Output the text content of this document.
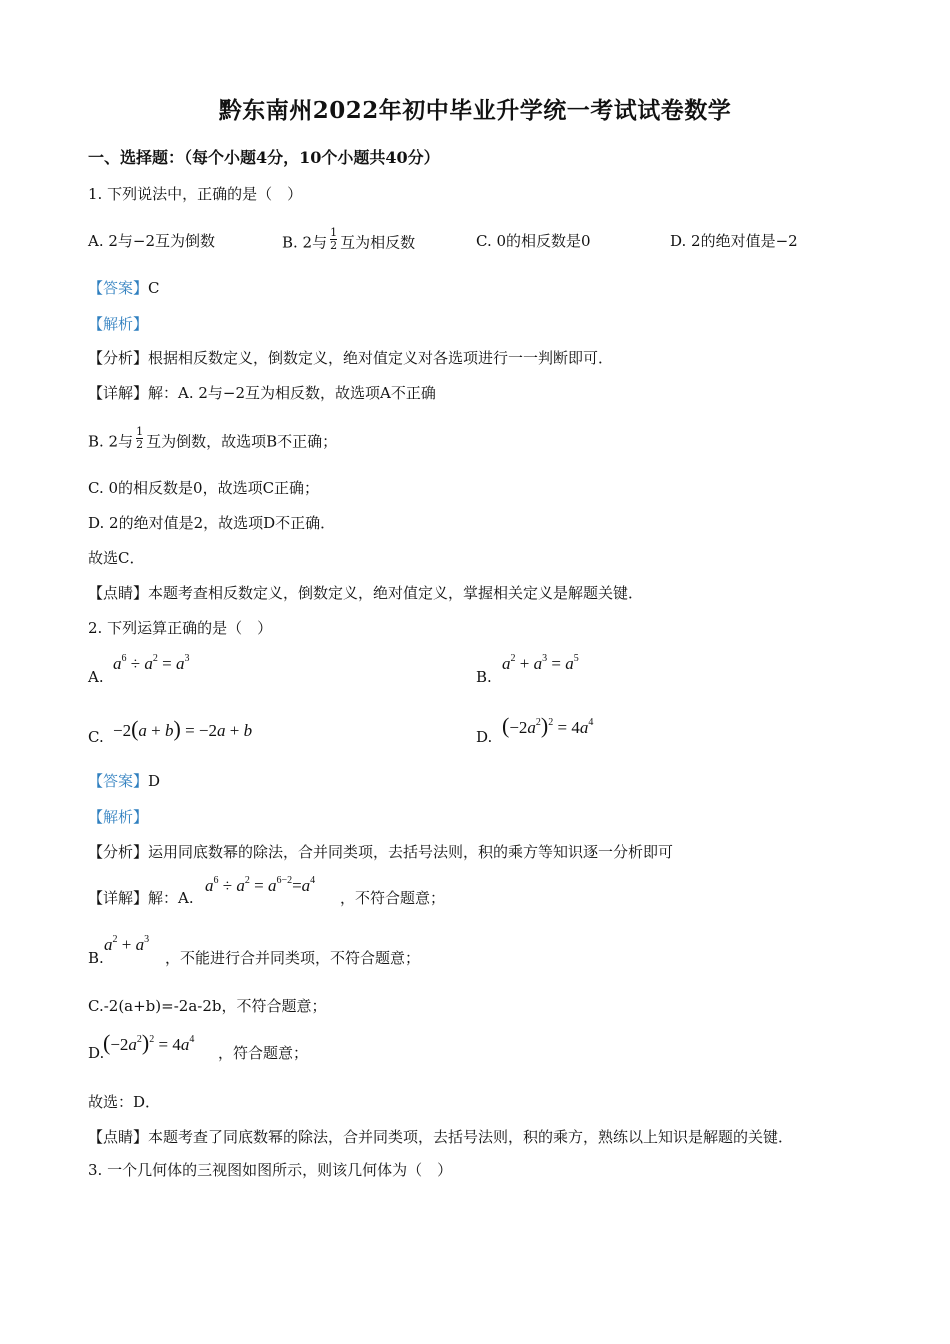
黔东南州2022年初中毕业升学统一考试试卷数学
一、选择题：（每个小题4分，10个小题共40分）
1. 下列说法中，正确的是（　）
A. 2与−2互为倒数	B. 2与 $\frac{1}{2}$ 互为相反数	C. 0的相反数是0	D. 2的绝对值是−2
【答案】C
【解析】
【分析】根据相反数定义，倒数定义，绝对值定义对各选项进行一一判断即可．
【详解】解：A. 2与−2互为相反数，故选项A不正确
B. 2与 $\frac{1}{2}$ 互为倒数，故选项B不正确；
C. 0的相反数是0，故选项C正确；
D. 2的绝对值是2，故选项D不正确．
故选C．
【点睛】本题考查相反数定义，倒数定义，绝对值定义，掌握相关定义是解题关键．
2. 下列运算正确的是（　）
A.
$a^6 \div a^2 = a^3$
B.
$a^2 + a^3 = a^5$
C. −2(a + b) = −2a + b	D. $(-2a^2)^2 = 4a^4$
【答案】D
【解析】
【分析】运用同底数幂的除法，合并同类项，去括号法则，积的乘方等知识逐一分析即可
【详解】解：A.
$a^6 \div a^2 = a^{6-2}=a^4$
，不符合题意；
B.
$a^2 + a^3$
，不能进行合并同类项，不符合题意；
C.-2(a+b)=-2a-2b，不符合题意；
D.
$(-2a^2)^2 = 4a^4$
，符合题意；
故选：D．
【点睛】本题考查了同底数幂的除法，合并同类项，去括号法则，积的乘方，熟练以上知识是解题的关键．
3. 一个几何体的三视图如图所示，则该几何体为（　）
